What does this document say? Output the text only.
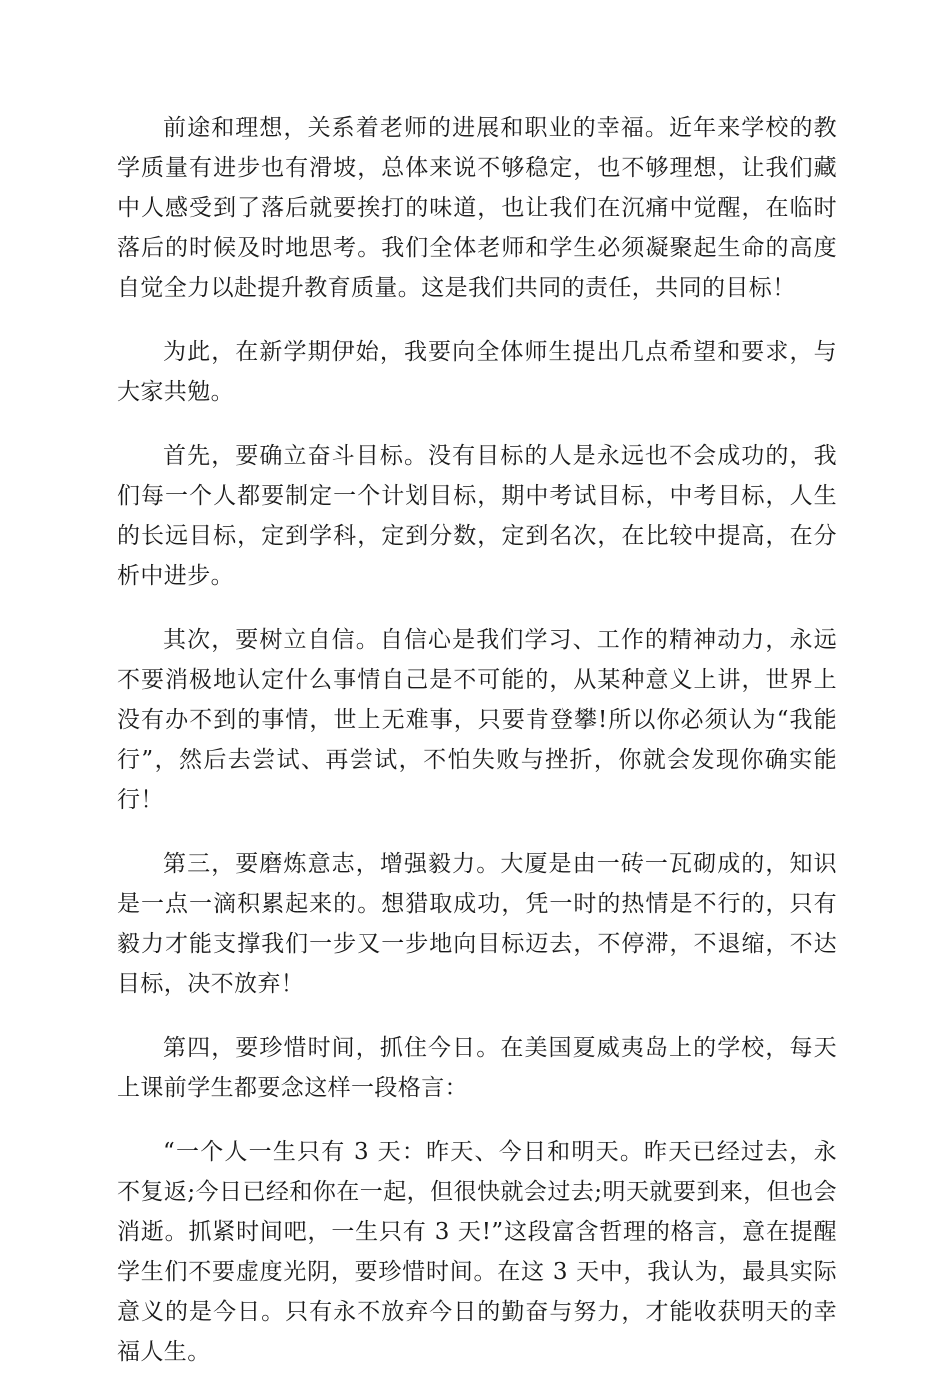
前途和理想，关系着老师的进展和职业的幸福。近年来学校的教学质量有进步也有滑坡，总体来说不够稳定，也不够理想，让我们藏中人感受到了落后就要挨打的味道，也让我们在沉痛中觉醒，在临时落后的时候及时地思考。我们全体老师和学生必须凝聚起生命的高度自觉全力以赴提升教育质量。这是我们共同的责任，共同的目标！

为此，在新学期伊始，我要向全体师生提出几点希望和要求，与大家共勉。

首先，要确立奋斗目标。没有目标的人是永远也不会成功的，我们每一个人都要制定一个计划目标，期中考试目标，中考目标，人生的长远目标，定到学科，定到分数，定到名次，在比较中提高，在分析中进步。

其次，要树立自信。自信心是我们学习、工作的精神动力，永远不要消极地认定什么事情自己是不可能的，从某种意义上讲，世界上没有办不到的事情，世上无难事，只要肯登攀!所以你必须认为“我能行”，然后去尝试、再尝试，不怕失败与挫折，你就会发现你确实能行！

第三，要磨炼意志，增强毅力。大厦是由一砖一瓦砌成的，知识是一点一滴积累起来的。想猎取成功，凭一时的热情是不行的，只有毅力才能支撑我们一步又一步地向目标迈去，不停滞，不退缩，不达目标，决不放弃！

第四，要珍惜时间，抓住今日。在美国夏威夷岛上的学校，每天上课前学生都要念这样一段格言：

“一个人一生只有 3 天：昨天、今日和明天。昨天已经过去，永不复返;今日已经和你在一起，但很快就会过去;明天就要到来，但也会消逝。抓紧时间吧，一生只有 3 天!”这段富含哲理的格言，意在提醒学生们不要虚度光阴，要珍惜时间。在这 3 天中，我认为，最具实际意义的是今日。只有永不放弃今日的勤奋与努力，才能收获明天的幸福人生。
